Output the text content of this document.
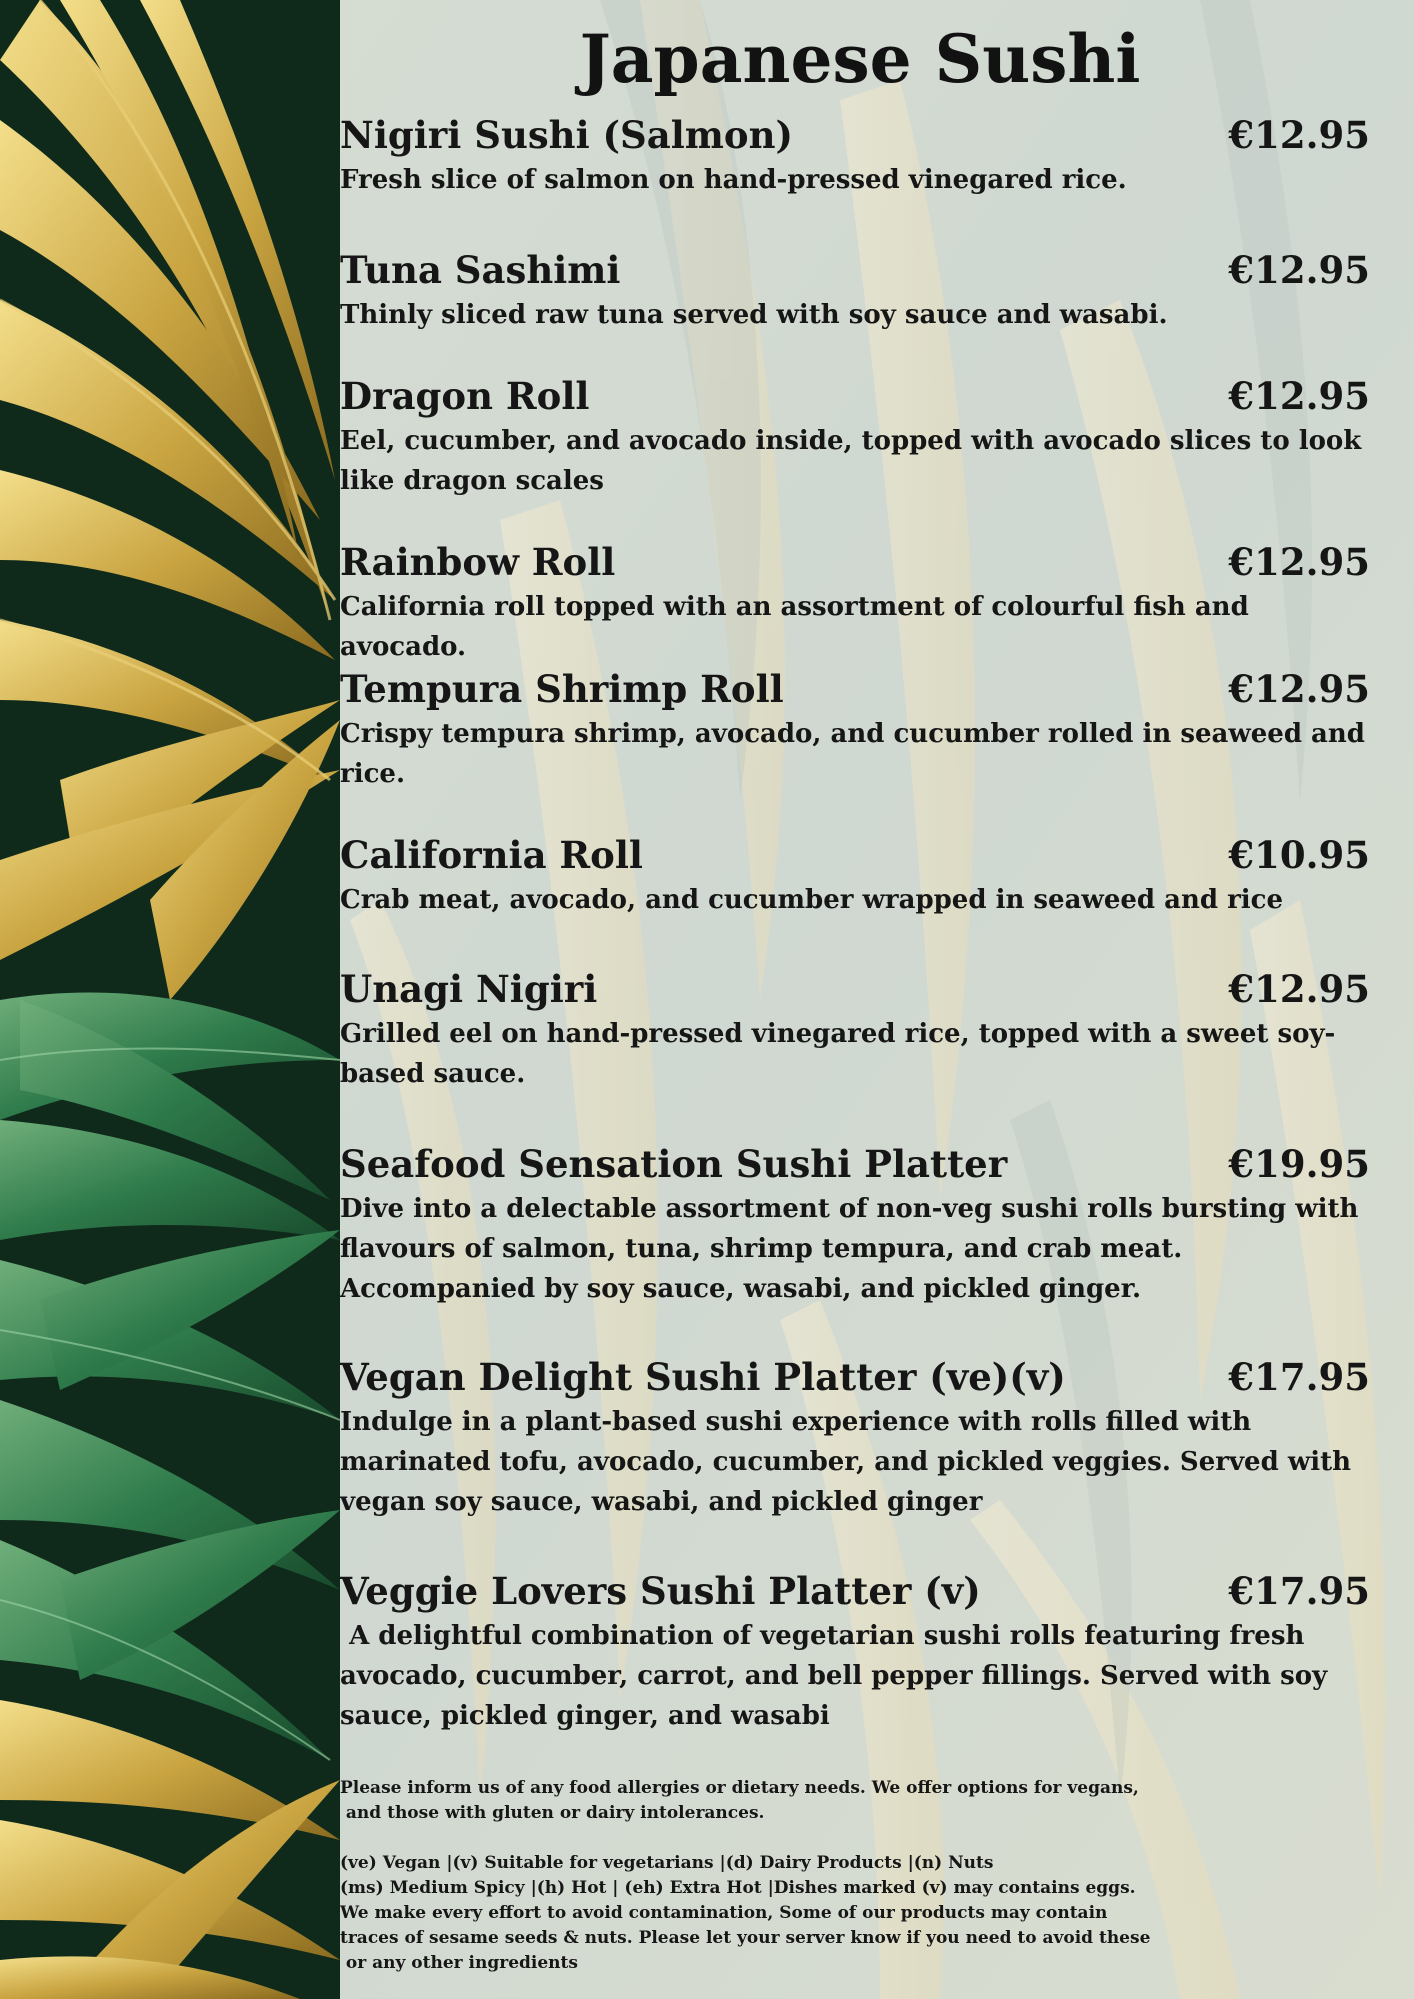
Japanese Sushi
Nigiri Sushi (Salmon)	€12.95
Fresh slice of salmon on hand-pressed vinegared rice.
Tuna Sashimi	€12.95
Thinly sliced raw tuna served with soy sauce and wasabi.
Dragon Roll	€12.95
Eel, cucumber, and avocado inside, topped with avocado slices to look like dragon scales
Rainbow Roll	€12.95
California roll topped with an assortment of colourful fish and avocado.
Tempura Shrimp Roll	€12.95
Crispy tempura shrimp, avocado, and cucumber rolled in seaweed and rice.
California Roll	€10.95
Crab meat, avocado, and cucumber wrapped in seaweed and rice
Unagi Nigiri	€12.95
Grilled eel on hand-pressed vinegared rice, topped with a sweet soy-based sauce.
Seafood Sensation Sushi Platter	€19.95
Dive into a delectable assortment of non-veg sushi rolls bursting with flavours of salmon, tuna, shrimp tempura, and crab meat. Accompanied by soy sauce, wasabi, and pickled ginger.
Vegan Delight Sushi Platter (ve)(v)	€17.95
Indulge in a plant-based sushi experience with rolls filled with marinated tofu, avocado, cucumber, and pickled veggies. Served with vegan soy sauce, wasabi, and pickled ginger
Veggie Lovers Sushi Platter (v)	€17.95
A delightful combination of vegetarian sushi rolls featuring fresh avocado, cucumber, carrot, and bell pepper fillings. Served with soy sauce, pickled ginger, and wasabi
Please inform us of any food allergies or dietary needs. We offer options for vegans,
and those with gluten or dairy intolerances.
(ve) Vegan |(v) Suitable for vegetarians |(d) Dairy Products |(n) Nuts
(ms) Medium Spicy |(h) Hot | (eh) Extra Hot |Dishes marked (v) may contains eggs.
We make every effort to avoid contamination, Some of our products may contain
traces of sesame seeds & nuts. Please let your server know if you need to avoid these
or any other ingredients
